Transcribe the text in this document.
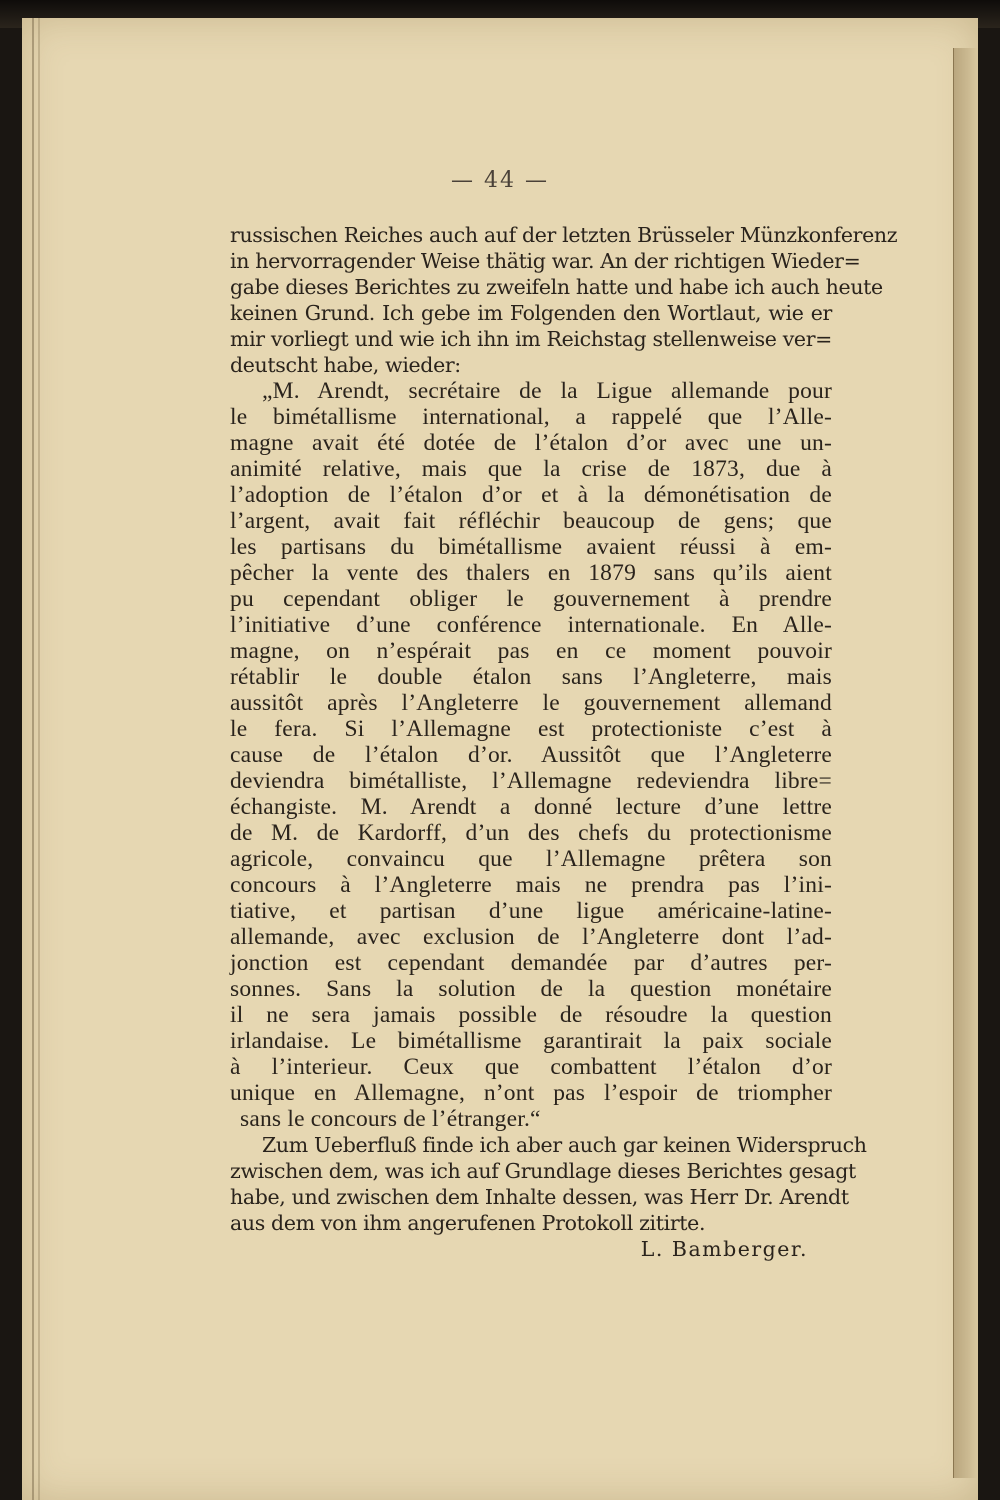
— 44 —
russischen Reiches auch auf der letzten Brüsseler Münzkonferenz
in hervorragender Weise thätig war. An der richtigen Wieder=
gabe dieses Berichtes zu zweifeln hatte und habe ich auch heute
keinen Grund. Ich gebe im Folgenden den Wortlaut, wie er
mir vorliegt und wie ich ihn im Reichstag stellenweise ver=
deutscht habe, wieder:
„M. Arendt, secrétaire de la Ligue allemande pour
le bimétallisme international, a rappelé que l’Alle-
magne avait été dotée de l’étalon d’or avec une un-
animité relative, mais que la crise de 1873, due à
l’adoption de l’étalon d’or et à la démonétisation de
l’argent, avait fait réfléchir beaucoup de gens; que
les partisans du bimétallisme avaient réussi à em-
pêcher la vente des thalers en 1879 sans qu’ils aient
pu cependant obliger le gouvernement à prendre
l’initiative d’une conférence internationale. En Alle-
magne, on n’espérait pas en ce moment pouvoir
rétablir le double étalon sans l’Angleterre, mais
aussitôt après l’Angleterre le gouvernement allemand
le fera. Si l’Allemagne est protectioniste c’est à
cause de l’étalon d’or. Aussitôt que l’Angleterre
deviendra bimétalliste, l’Allemagne redeviendra libre=
échangiste. M. Arendt a donné lecture d’une lettre
de M. de Kardorff, d’un des chefs du protectionisme
agricole, convaincu que l’Allemagne prêtera son
concours à l’Angleterre mais ne prendra pas l’ini-
tiative, et partisan d’une ligue américaine-latine-
allemande, avec exclusion de l’Angleterre dont l’ad-
jonction est cependant demandée par d’autres per-
sonnes. Sans la solution de la question monétaire
il ne sera jamais possible de résoudre la question
irlandaise. Le bimétallisme garantirait la paix sociale
à l’interieur. Ceux que combattent l’étalon d’or
unique en Allemagne, n’ont pas l’espoir de triompher
sans le concours de l’étranger.“
Zum Ueberfluß finde ich aber auch gar keinen Widerspruch
zwischen dem, was ich auf Grundlage dieses Berichtes gesagt
habe, und zwischen dem Inhalte dessen, was Herr Dr. Arendt
aus dem von ihm angerufenen Protokoll zitirte.
L. Bamberger.
